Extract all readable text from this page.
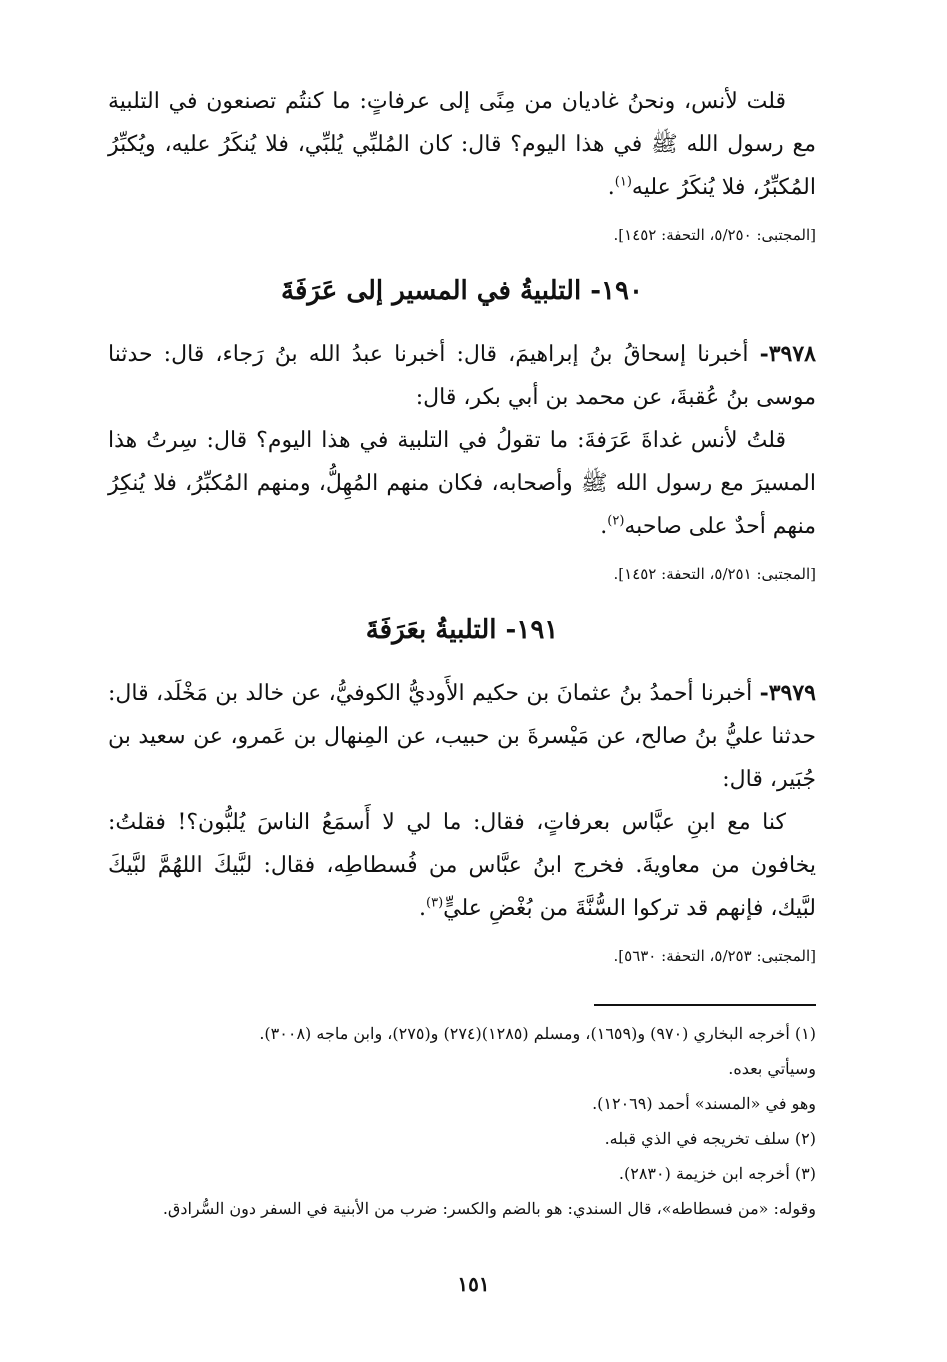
قلت لأنس، ونحنُ غاديان من مِنًى إلى عرفاتٍ: ما كنتُم تصنعون في التلبية مع رسول الله ﷺ في هذا اليوم؟ قال: كان المُلبِّي يُلبِّي، فلا يُنكَرُ عليه، ويُكبِّرُ المُكبِّرُ، فلا يُنكَرُ عليه$^{(١)}$.

[المجتبى: ٥/٢٥٠، التحفة: ١٤٥٢].

١٩٠- التلبيةُ في المسير إلى عَرَفَةَ

٣٩٧٨- أخبرنا إسحاقُ بنُ إبراهيمَ، قال: أخبرنا عبدُ الله بنُ رَجاء، قال: حدثنا موسى بنُ عُقبةَ، عن محمد بن أبي بكر، قال:

قلتُ لأنس غداةَ عَرَفةَ: ما تقولُ في التلبية في هذا اليوم؟ قال: سِرتُ هذا المسيرَ مع رسول الله ﷺ وأصحابه، فكان منهم المُهِلُّ، ومنهم المُكبِّرُ، فلا يُنكِرُ منهم أحدٌ على صاحبه$^{(٢)}$.

[المجتبى: ٥/٢٥١، التحفة: ١٤٥٢].

١٩١- التلبيةُ بعَرَفَةَ

٣٩٧٩- أخبرنا أحمدُ بنُ عثمانَ بن حكيم الأَوديُّ الكوفيُّ، عن خالد بن مَخْلَد، قال: حدثنا عليُّ بنُ صالح، عن مَيْسرةَ بن حبيب، عن المِنهال بن عَمرو، عن سعيد بن جُبَير، قال:

كنا مع ابنِ عبَّاس بعرفاتٍ، فقال: ما لي لا أَسمَعُ الناسَ يُلبُّون؟! فقلتُ: يخافون من معاويةَ. فخرج ابنُ عبَّاس من فُسطاطِه، فقال: لبَّيكَ اللهُمَّ لبَّيكَ لبَّيك، فإنهم قد تركوا السُّنَّةَ من بُغْضِ عليٍّ$^{(٣)}$.

[المجتبى: ٥/٢٥٣، التحفة: ٥٦٣٠].

(١) أخرجه البخاري (٩٧٠) و(١٦٥٩)، ومسلم (١٢٨٥)(٢٧٤) و(٢٧٥)، وابن ماجه (٣٠٠٨).

وسيأتي بعده.

وهو في «المسند» أحمد (١٢٠٦٩).

(٢) سلف تخريجه في الذي قبله.

(٣) أخرجه ابن خزيمة (٢٨٣٠).

وقوله: «من فسطاطه»، قال السندي: هو بالضم والكسر: ضرب من الأبنية في السفر دون السُّرادق.

١٥١
